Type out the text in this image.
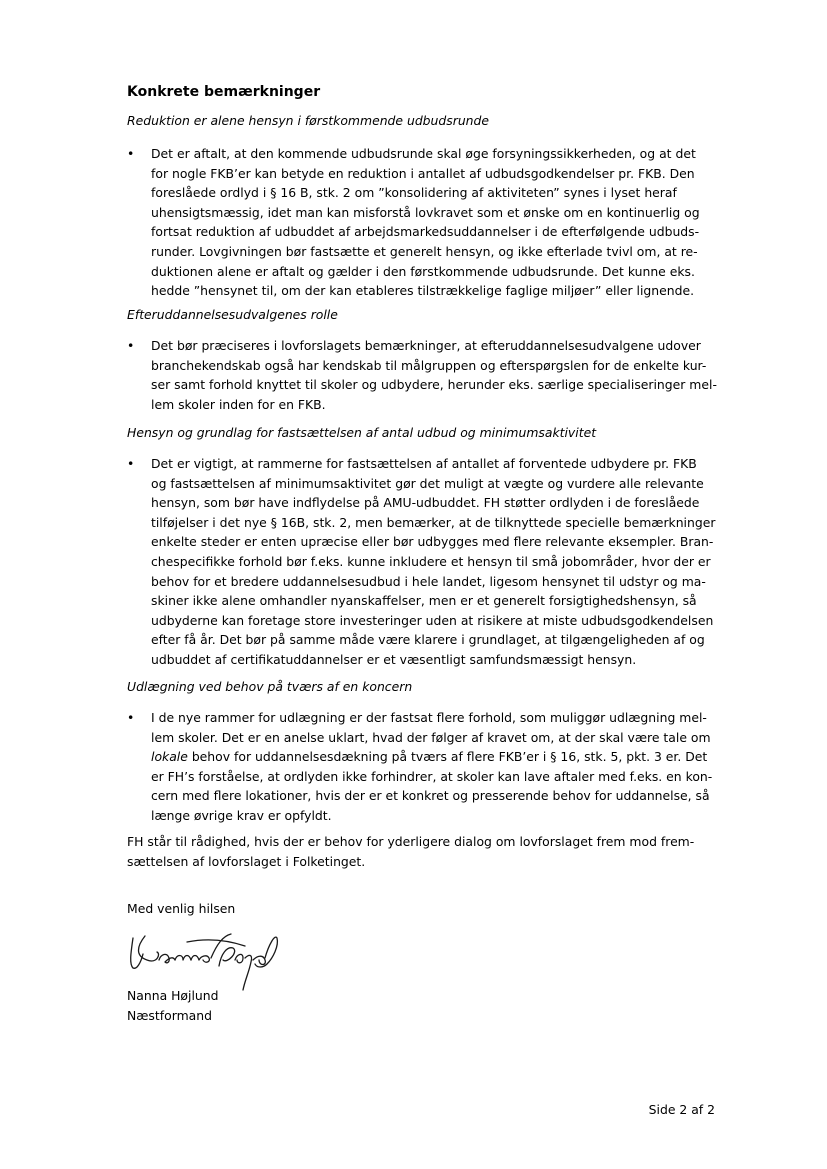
Konkrete bemærkninger

Reduktion er alene hensyn i førstkommende udbudsrunde

• Det er aftalt, at den kommende udbudsrunde skal øge forsyningssikkerheden, og at det
for nogle FKB’er kan betyde en reduktion i antallet af udbudsgodkendelser pr. FKB. Den
foreslåede ordlyd i § 16 B, stk. 2 om ”konsolidering af aktiviteten” synes i lyset heraf
uhensigtsmæssig, idet man kan misforstå lovkravet som et ønske om en kontinuerlig og
fortsat reduktion af udbuddet af arbejdsmarkedsuddannelser i de efterfølgende udbuds-
runder. Lovgivningen bør fastsætte et generelt hensyn, og ikke efterlade tvivl om, at re-
duktionen alene er aftalt og gælder i den førstkommende udbudsrunde. Det kunne eks.
hedde ”hensynet til, om der kan etableres tilstrækkelige faglige miljøer” eller lignende.

Efteruddannelsesudvalgenes rolle

• Det bør præciseres i lovforslagets bemærkninger, at efteruddannelsesudvalgene udover
branchekendskab også har kendskab til målgruppen og efterspørgslen for de enkelte kur-
ser samt forhold knyttet til skoler og udbydere, herunder eks. særlige specialiseringer mel-
lem skoler inden for en FKB.

Hensyn og grundlag for fastsættelsen af antal udbud og minimumsaktivitet

• Det er vigtigt, at rammerne for fastsættelsen af antallet af forventede udbydere pr. FKB
og fastsættelsen af minimumsaktivitet gør det muligt at vægte og vurdere alle relevante
hensyn, som bør have indflydelse på AMU-udbuddet. FH støtter ordlyden i de foreslåede
tilføjelser i det nye § 16B, stk. 2, men bemærker, at de tilknyttede specielle bemærkninger
enkelte steder er enten upræcise eller bør udbygges med flere relevante eksempler. Bran-
chespecifikke forhold bør f.eks. kunne inkludere et hensyn til små jobområder, hvor der er
behov for et bredere uddannelsesudbud i hele landet, ligesom hensynet til udstyr og ma-
skiner ikke alene omhandler nyanskaffelser, men er et generelt forsigtighedshensyn, så
udbyderne kan foretage store investeringer uden at risikere at miste udbudsgodkendelsen
efter få år. Det bør på samme måde være klarere i grundlaget, at tilgængeligheden af og
udbuddet af certifikatuddannelser er et væsentligt samfundsmæssigt hensyn.

Udlægning ved behov på tværs af en koncern

• I de nye rammer for udlægning er der fastsat flere forhold, som muliggør udlægning mel-
lem skoler. Det er en anelse uklart, hvad der følger af kravet om, at der skal være tale om
lokale behov for uddannelsesdækning på tværs af flere FKB’er i § 16, stk. 5, pkt. 3 er. Det
er FH’s forståelse, at ordlyden ikke forhindrer, at skoler kan lave aftaler med f.eks. en kon-
cern med flere lokationer, hvis der er et konkret og presserende behov for uddannelse, så
længe øvrige krav er opfyldt.
FH står til rådighed, hvis der er behov for yderligere dialog om lovforslaget frem mod frem-
sættelsen af lovforslaget i Folketinget.

Med venlig hilsen

Nanna Højlund

Nanna Højlund

Næstformand

Side 2 af 2
